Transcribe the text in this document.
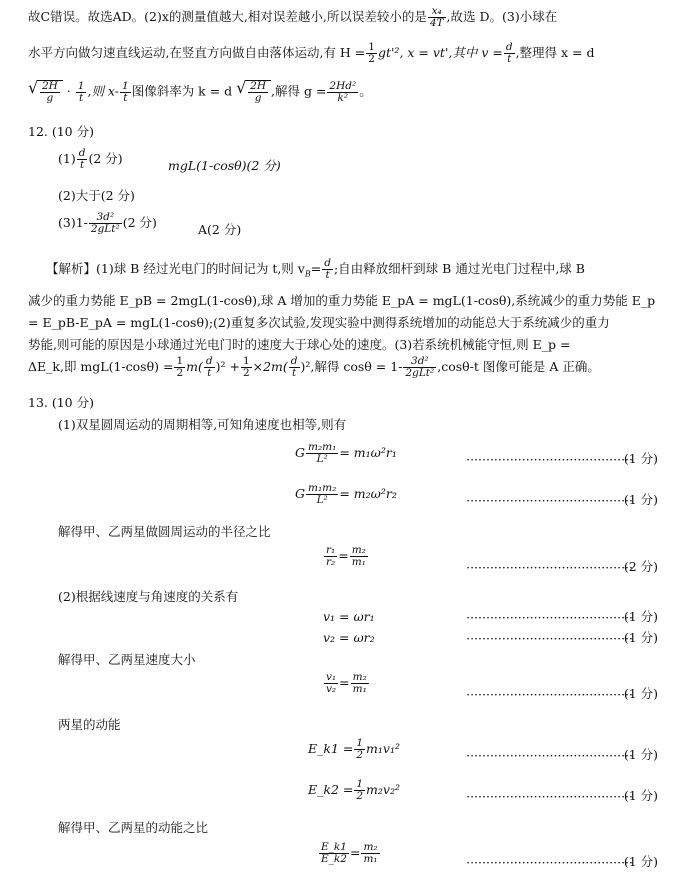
故C错误。故选AD。(2)x的测量值越大,相对误差越小,所以误差较小的是 $\frac{\text{x₄}}{4T}$ ,故选 D。(3)小球在
水平方向做匀速直线运动,在竖直方向做自由落体运动,有 $H = \frac{1}{2} gt'^2$, x = vt',其中 $v = \frac{d}{t}$ ,整理得 x = d
√ $\frac{2H}{g} \cdot \frac{1}{t}$ ,则 $x- \frac{1}{t}$ 图像斜率为 k = d √ $\frac{2H}{g}$ ,解得 $g = \frac{\text{2Hd²}}{\text{k²}}$ 。
12. (10 分)
$(1) \frac{d}{t} (2$ 分)	mgL(1-cosθ)(2 分)
(2)大于(2 分)
$(3)1- \frac{\text{3d²}}{\text{2gLt²}} (2$ 分)	A(2 分)
【解析】(1)球 B 经过光电门的时间记为 t,则 $v_B= \frac{d}{t}$ ;自由释放细杆到球 B 通过光电门过程中,球 B
减少的重力势能 E_pB = 2mgL(1-cosθ),球 A 增加的重力势能 E_pA = mgL(1-cosθ),系统减少的重力势能 E_p
= E_pB-E_pA = mgL(1-cosθ);(2)重复多次试验,发现实验中测得系统增加的动能总大于系统减少的重力
势能,则可能的原因是小球通过光电门时的速度大于球心处的速度。(3)若系统机械能守恒,则 E_p =
ΔE_k,即 $mgL(1-\cos\theta) = \frac{1}{2} m( \frac{d}{t} )^2 + \frac{1}{2} \times 2m( \frac{d}{t} )^2$,解得 $\cos\theta = 1- \frac{\text{3d²}}{\text{2gLt²}} ,\cos\theta-t$ 图像可能是 A 正确。
13. (10 分)
(1)双星圆周运动的周期相等,可知角速度也相等,则有
G $\frac{\text{m₂m₁}}{\text{L²}} = m_1\omega^2r_1$	··········································
(1 分)
G $\frac{\text{m₁m₂}}{\text{L²}} = m_2\omega^2r_2$	··········································
(1 分)
解得甲、乙两星做圆周运动的半径之比
$\frac{\text{r₁}}{\text{r₂}} = \frac{\text{m₂}}{\text{m₁}}$	··········································
(2 分)
(2)根据线速度与角速度的关系有
v₁ = ωr₁	··········································
(1 分)
v₂ = ωr₂	··········································
(1 分)
解得甲、乙两星速度大小
$\frac{\text{v₁}}{\text{v₂}} = \frac{\text{m₂}}{\text{m₁}}$	··········································
(1 分)
两星的动能
E_k1 = $\frac{1}{2} m_1v_1^2$	··········································
(1 分)
E_k2 = $\frac{1}{2} m_2v_2^2$	··········································
(1 分)
解得甲、乙两星的动能之比
$\frac{E\_k1}{E\_k2} = \frac{\text{m₂}}{\text{m₁}}$	··········································
(1 分)
